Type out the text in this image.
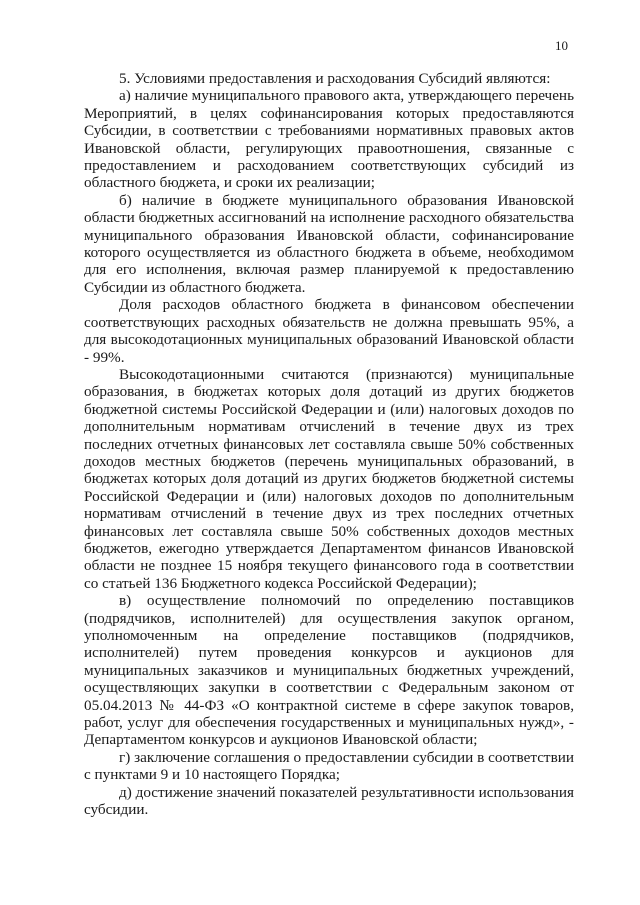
10

5. Условиями предоставления и расходования Субсидий являются:

а) наличие муниципального правового акта, утверждающего перечень Мероприятий, в целях софинансирования которых предоставляются Субсидии, в соответствии с требованиями нормативных правовых актов Ивановской области, регулирующих правоотношения, связанные с предоставлением и расходованием соответствующих субсидий из областного бюджета, и сроки их реализации;

б) наличие в бюджете муниципального образования Ивановской области бюджетных ассигнований на исполнение расходного обязательства муниципального образования Ивановской области, софинансирование которого осуществляется из областного бюджета в объеме, необходимом для его исполнения, включая размер планируемой к предоставлению Субсидии из областного бюджета.

Доля расходов областного бюджета в финансовом обеспечении соответствующих расходных обязательств не должна превышать 95%, а для высокодотационных муниципальных образований Ивановской области - 99%.

Высокодотационными считаются (признаются) муниципальные образования, в бюджетах которых доля дотаций из других бюджетов бюджетной системы Российской Федерации и (или) налоговых доходов по дополнительным нормативам отчислений в течение двух из трех последних отчетных финансовых лет составляла свыше 50% собственных доходов местных бюджетов (перечень муниципальных образований, в бюджетах которых доля дотаций из других бюджетов бюджетной системы Российской Федерации и (или) налоговых доходов по дополнительным нормативам отчислений в течение двух из трех последних отчетных финансовых лет составляла свыше 50% собственных доходов местных бюджетов, ежегодно утверждается Департаментом финансов Ивановской области не позднее 15 ноября текущего финансового года в соответствии со статьей 136 Бюджетного кодекса Российской Федерации);

в) осуществление полномочий по определению поставщиков (подрядчиков, исполнителей) для осуществления закупок органом, уполномоченным на определение поставщиков (подрядчиков, исполнителей) путем проведения конкурсов и аукционов для муниципальных заказчиков и муниципальных бюджетных учреждений, осуществляющих закупки в соответствии с Федеральным законом от 05.04.2013 № 44-ФЗ «О контрактной системе в сфере закупок товаров, работ, услуг для обеспечения государственных и муниципальных нужд», - Департаментом конкурсов и аукционов Ивановской области;

г) заключение соглашения о предоставлении субсидии в соответствии с пунктами 9 и 10 настоящего Порядка;

д) достижение значений показателей результативности использования субсидии.
